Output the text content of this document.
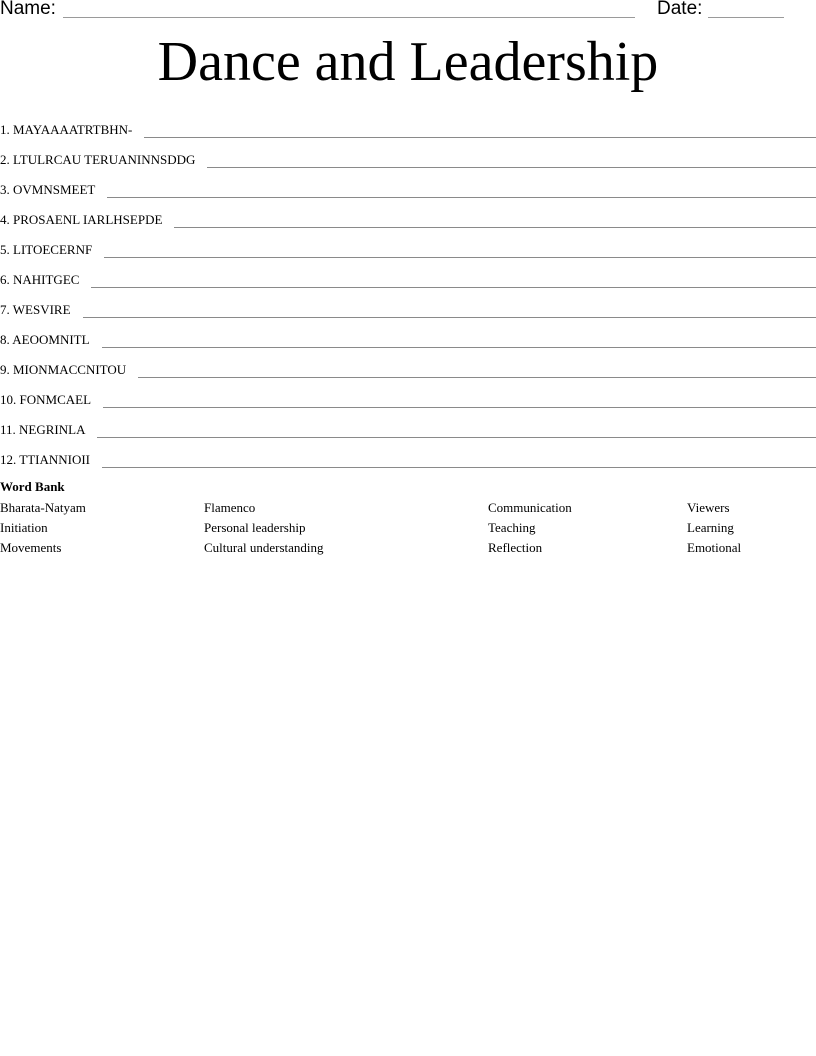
Name:	Date:
Dance and Leadership
1. MAYAAAATRTBHN-
2. LTULRCAU TERUANINNSDDG
3. OVMNSMEET
4. PROSAENL IARLHSEPDE
5. LITOECERNF
6. NAHITGEC
7. WESVIRE
8. AEOOMNITL
9. MIONMACCNITOU
10. FONMCAEL
11. NEGRINLA
12. TTIANNIOII
Word Bank
Bharata-Natyam	Flamenco	Communication	Viewers
Initiation	Personal leadership	Teaching	Learning
Movements	Cultural understanding	Reflection	Emotional
